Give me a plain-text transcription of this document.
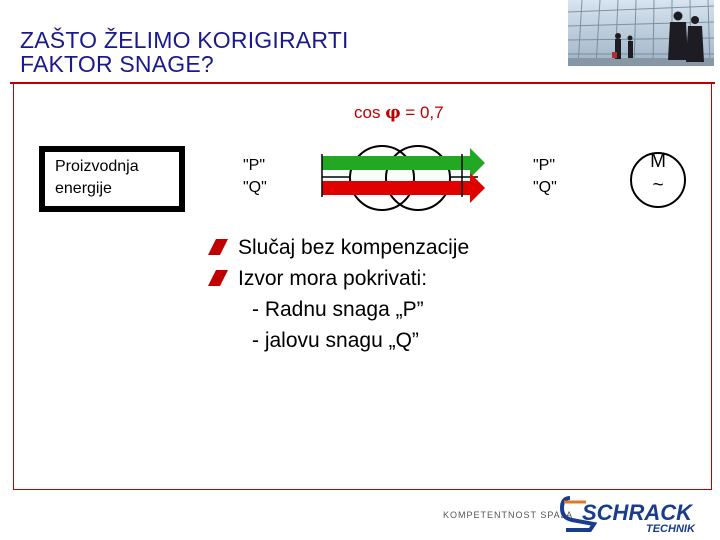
ZAŠTO ŽELIMO KORIGIRARTI
FAKTOR SNAGE?
cos φ = 0,7
Proizvodnja
energije
"P"
"Q"
"P"
"Q"
M
~
Slučaj bez kompenzacije
Izvor mora pokrivati:
- Radnu snaga „P”
- jalovu snagu „Q”
KOMPETENTNOST SPAJA SCHRACK
TECHNIK
